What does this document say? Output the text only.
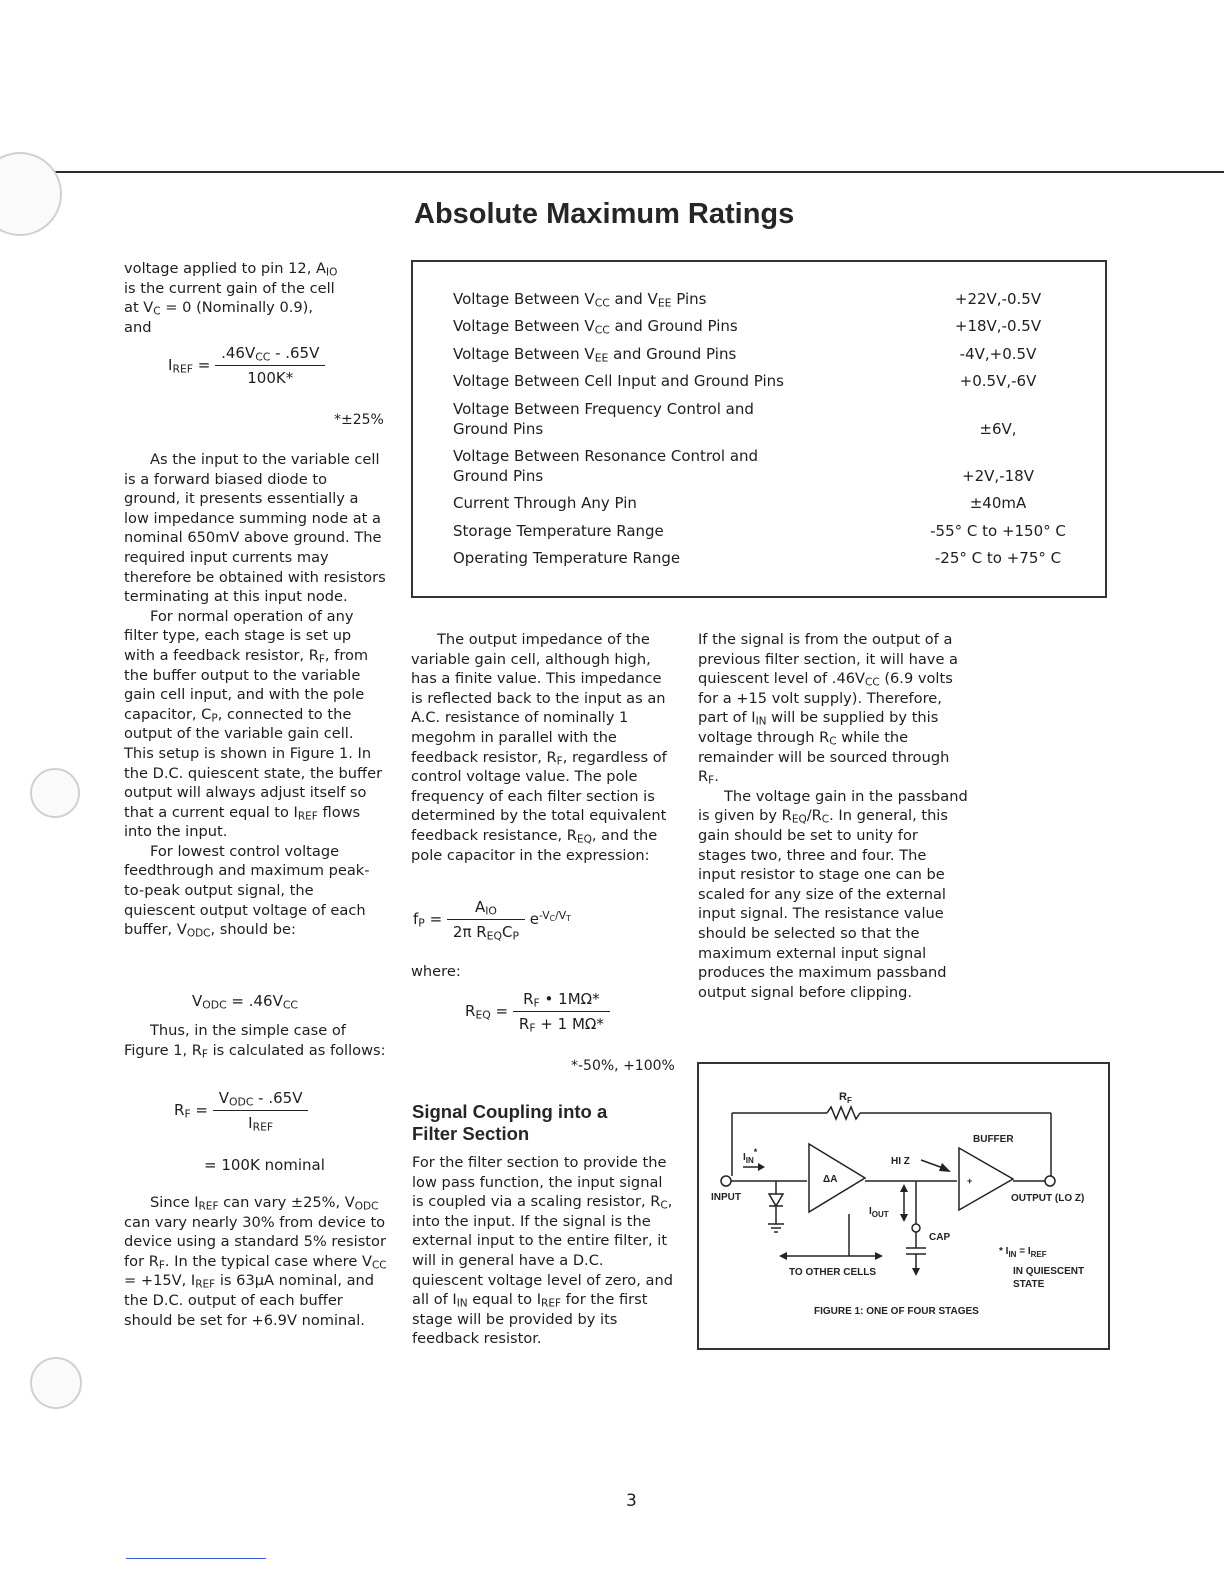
Absolute Maximum Ratings

voltage applied to pin 12, $A_{IO}$
is the current gain of the cell
at $V_C = 0$ (Nominally 0.9),
and

$I_{REF} = \frac{.46V_{CC} - .65V}{100K*}$
*±25%

As the input to the variable cell is a forward biased diode to ground, it presents essentially a low impedance summing node at a nominal 650mV above ground. The required input currents may therefore be obtained with resistors terminating at this input node.

For normal operation of any filter type, each stage is set up with a feedback resistor, $R_F$, from the buffer output to the variable gain cell input, and with the pole capacitor, $C_P$, connected to the output of the variable gain cell. This setup is shown in Figure 1. In the D.C. quiescent state, the buffer output will always adjust itself so that a current equal to $I_{REF}$ flows into the input.

For lowest control voltage feedthrough and maximum peak-to-peak output signal, the quiescent output voltage of each buffer, $V_{ODC}$, should be:

$V_{ODC} = .46V_{CC}$

Thus, in the simple case of Figure 1, $R_F$ is calculated as follows:

$R_F = \frac{V_{ODC} - .65V}{I_{REF}}$
= 100K nominal

Since $I_{REF}$ can vary ±25%, $V_{ODC}$ can vary nearly 30% from device to device using a standard 5% resistor for $R_F$. In the typical case where $V_{CC} = +15V$, $I_{REF}$ is 63μA nominal, and the D.C. output of each buffer should be set for +6.9V nominal.

Voltage Between $V_{CC}$ and $V_{EE}$ Pins	+22V,-0.5V
Voltage Between $V_{CC}$ and Ground Pins	+18V,-0.5V
Voltage Between $V_{EE}$ and Ground Pins	-4V,+0.5V
Voltage Between Cell Input and Ground Pins	+0.5V,-6V
Voltage Between Frequency Control and Ground Pins	±6V,
Voltage Between Resonance Control and Ground Pins	+2V,-18V
Current Through Any Pin	±40mA
Storage Temperature Range	-55° C to +150° C
Operating Temperature Range	-25° C to +75° C

The output impedance of the variable gain cell, although high, has a finite value. This impedance is reflected back to the input as an A.C. resistance of nominally 1 megohm in parallel with the feedback resistor, $R_F$, regardless of control voltage value. The pole frequency of each filter section is determined by the total equivalent feedback resistance, $R_{EQ}$, and the pole capacitor in the expression:

$f_P = \frac{A_{IO}}{2\pi R_{EQ}C_P} e^{-V_C/V_T}$
where:
$R_{EQ} = \frac{R_F • 1M\Omega*}{R_F + 1 M\Omega*}$
*-50%, +100%
Signal Coupling into a Filter Section

For the filter section to provide the low pass function, the input signal is coupled via a scaling resistor, $R_C$, into the input. If the signal is the external input to the entire filter, it will in general have a D.C. quiescent voltage level of zero, and all of $I_{IN}$ equal to $I_{REF}$ for the first stage will be provided by its feedback resistor.

If the signal is from the output of a previous filter section, it will have a quiescent level of $.46V_{CC}$ (6.9 volts for a +15 volt supply). Therefore, part of $I_{IN}$ will be supplied by this voltage through $R_C$ while the remainder will be sourced through $R_F$.

The voltage gain in the passband is given by $R_{EQ}/R_C$. In general, this gain should be set to unity for stages two, three and four. The input resistor to stage one can be scaled for any size of the external input signal. The resistance value should be selected so that the maximum external input signal produces the maximum passband output signal before clipping.

$R_F$
INPUT
$I_{IN}*$
ΔA
HI Z
$I_{OUT}$
CAP
TO OTHER CELLS
BUFFER
+
OUTPUT (LO Z)
* $I_{IN} = I_{REF}$
IN QUIESCENT
STATE
FIGURE 1: ONE OF FOUR STAGES
3
